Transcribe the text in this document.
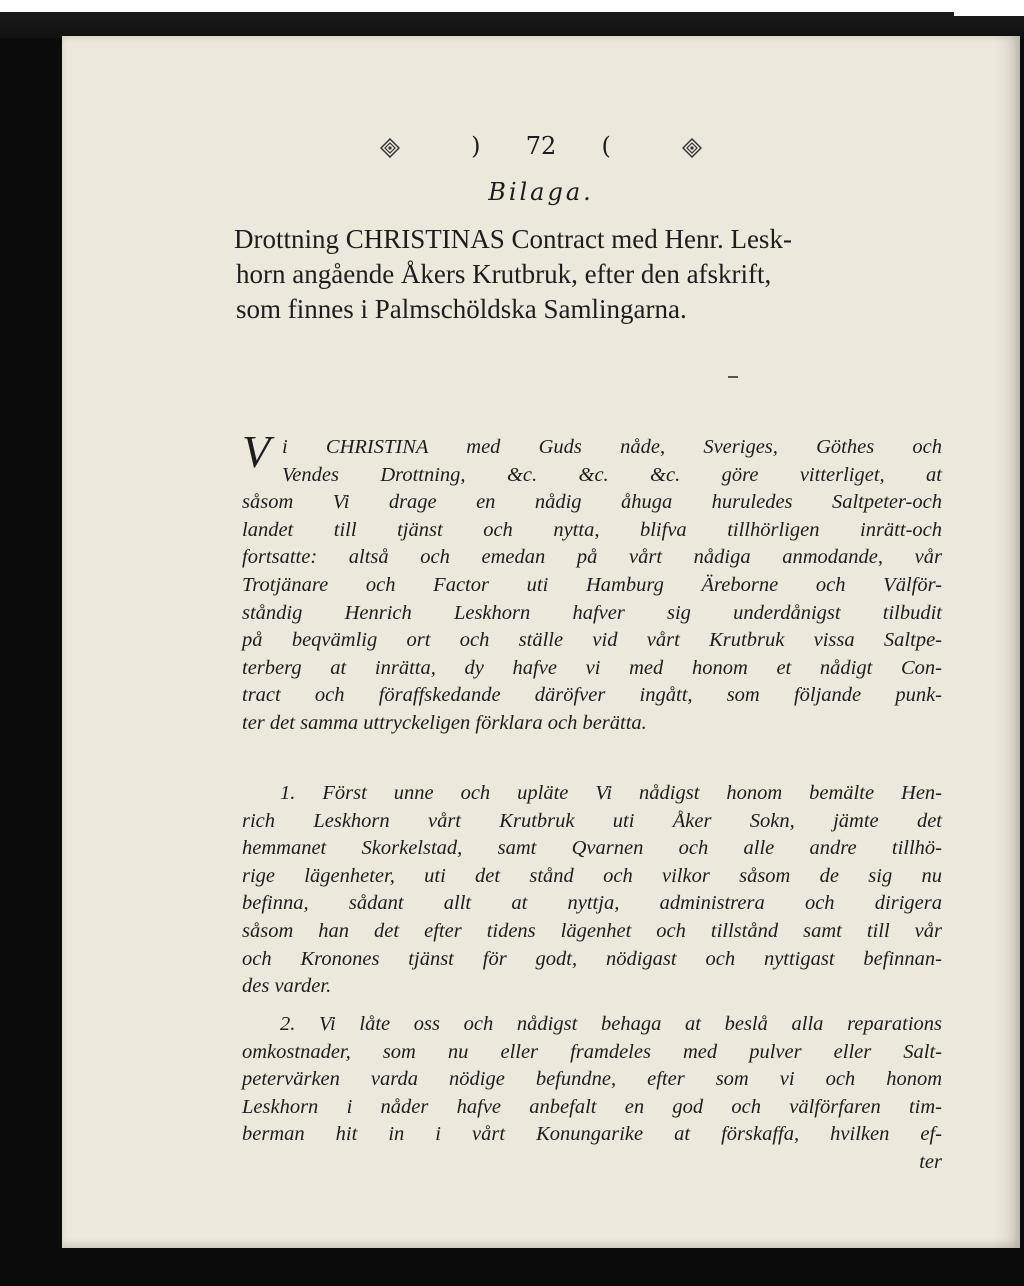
) 72 (
Bilaga.
Drottning CHRISTINAS Contract med Henr. Lesk-
horn angående Åkers Krutbruk, efter den afskrift,
som finnes i Palmschöldska Samlingarna.
V i CHRISTINA med Guds nåde, Sveriges, Göthes och
Vendes Drottning, &c. &c. &c. göre vitterliget, at
såsom Vi drage en nådig åhuga huruledes Saltpeter-och
landet till tjänst och nytta, blifva tillhörligen inrätt-och
fortsatte: altså och emedan på vårt nådiga anmodande, vår
Trotjänare och Factor uti Hamburg Äreborne och Välför-
ståndig Henrich Leskhorn hafver sig underdånigst tilbudit
på beqvämlig ort och ställe vid vårt Krutbruk vissa Saltpe-
terberg at inrätta, dy hafve vi med honom et nådigt Con-
tract och föraffskedande däröfver ingått, som följande punk-
ter det samma uttryckeligen förklara och berätta.
1. Först unne och upläte Vi nådigst honom bemälte Hen-
rich Leskhorn vårt Krutbruk uti Åker Sokn, jämte det
hemmanet Skorkelstad, samt Qvarnen och alle andre tillhö-
rige lägenheter, uti det stånd och vilkor såsom de sig nu
befinna, sådant allt at nyttja, administrera och dirigera
såsom han det efter tidens lägenhet och tillstånd samt till vår
och Kronones tjänst för godt, nödigast och nyttigast befinnan-
des varder.
2. Vi låte oss och nådigst behaga at beslå alla reparations
omkostnader, som nu eller framdeles med pulver eller Salt-
petervärken varda nödige befundne, efter som vi och honom
Leskhorn i nåder hafve anbefalt en god och välförfaren tim-
berman hit in i vårt Konungarike at förskaffa, hvilken ef-
ter
